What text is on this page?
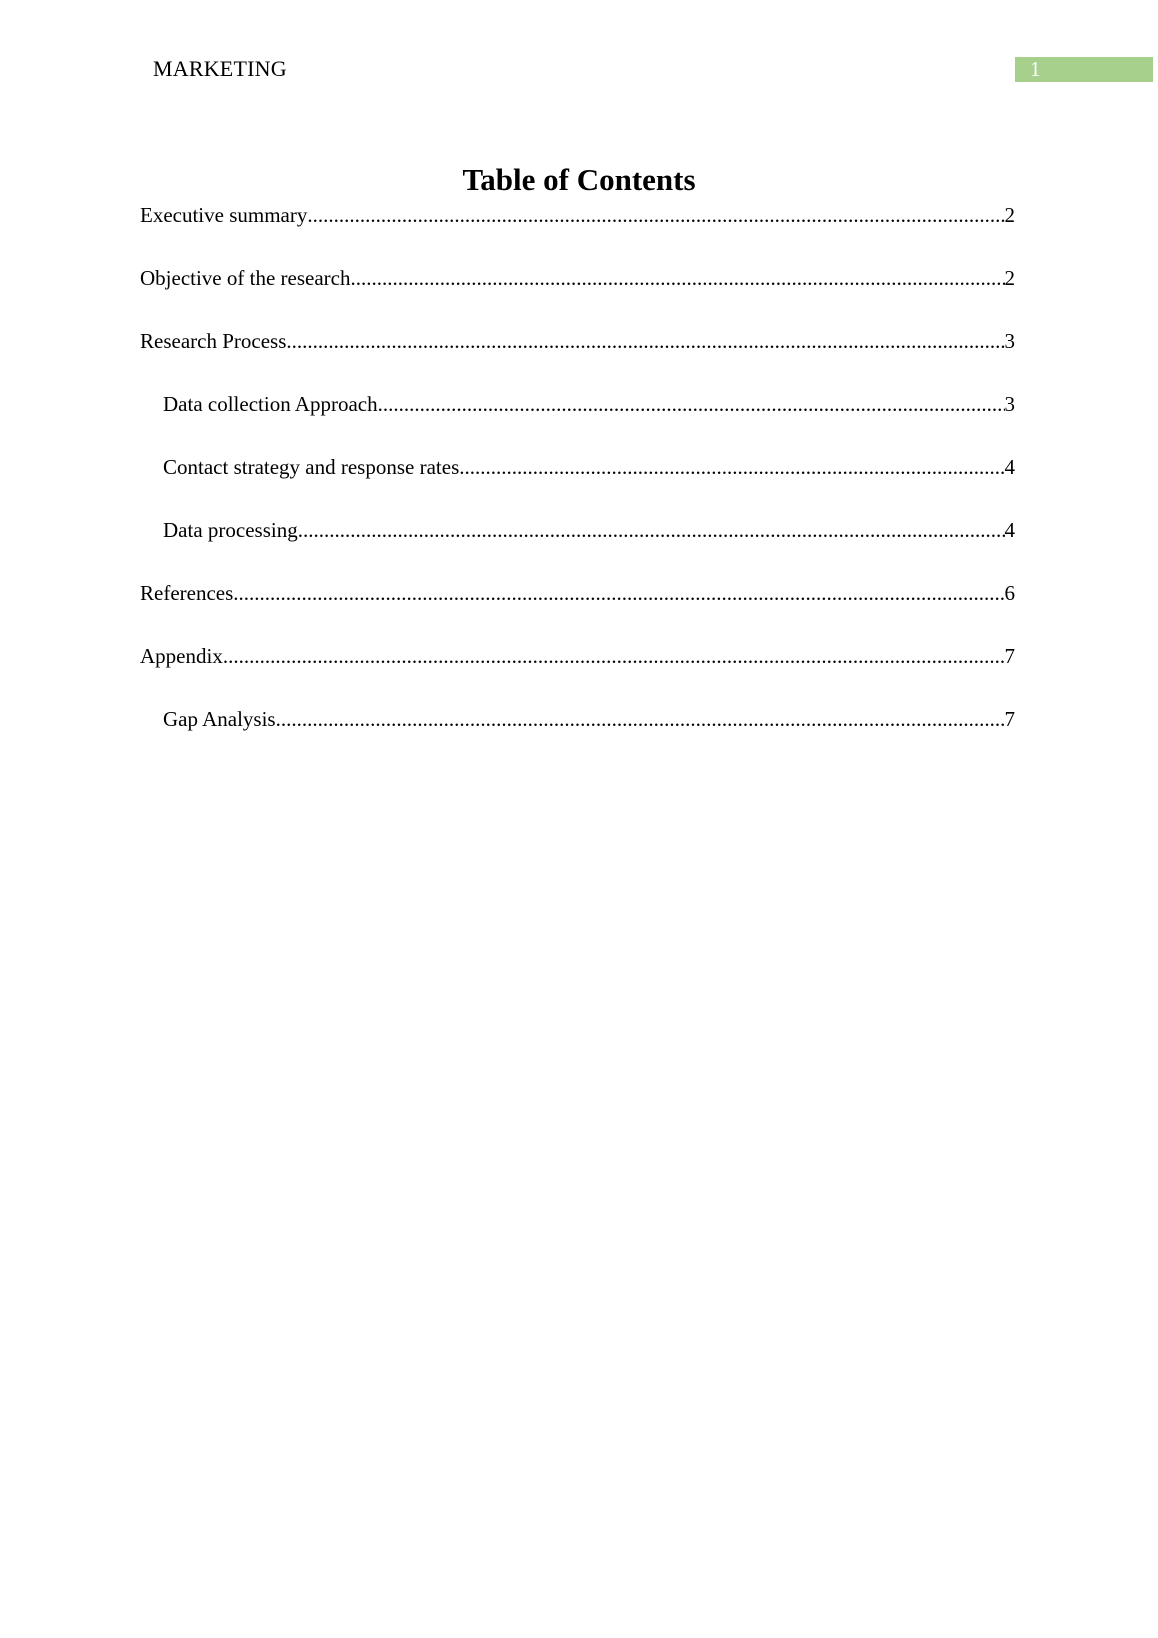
MARKETING	1
Table of Contents
Executive summary .....	2
Objective of the research .....	2
Research Process .....	3
Data collection Approach .....	3
Contact strategy and response rates .....	4
Data processing .....	4
References .....	6
Appendix .....	7
Gap Analysis .....	7
